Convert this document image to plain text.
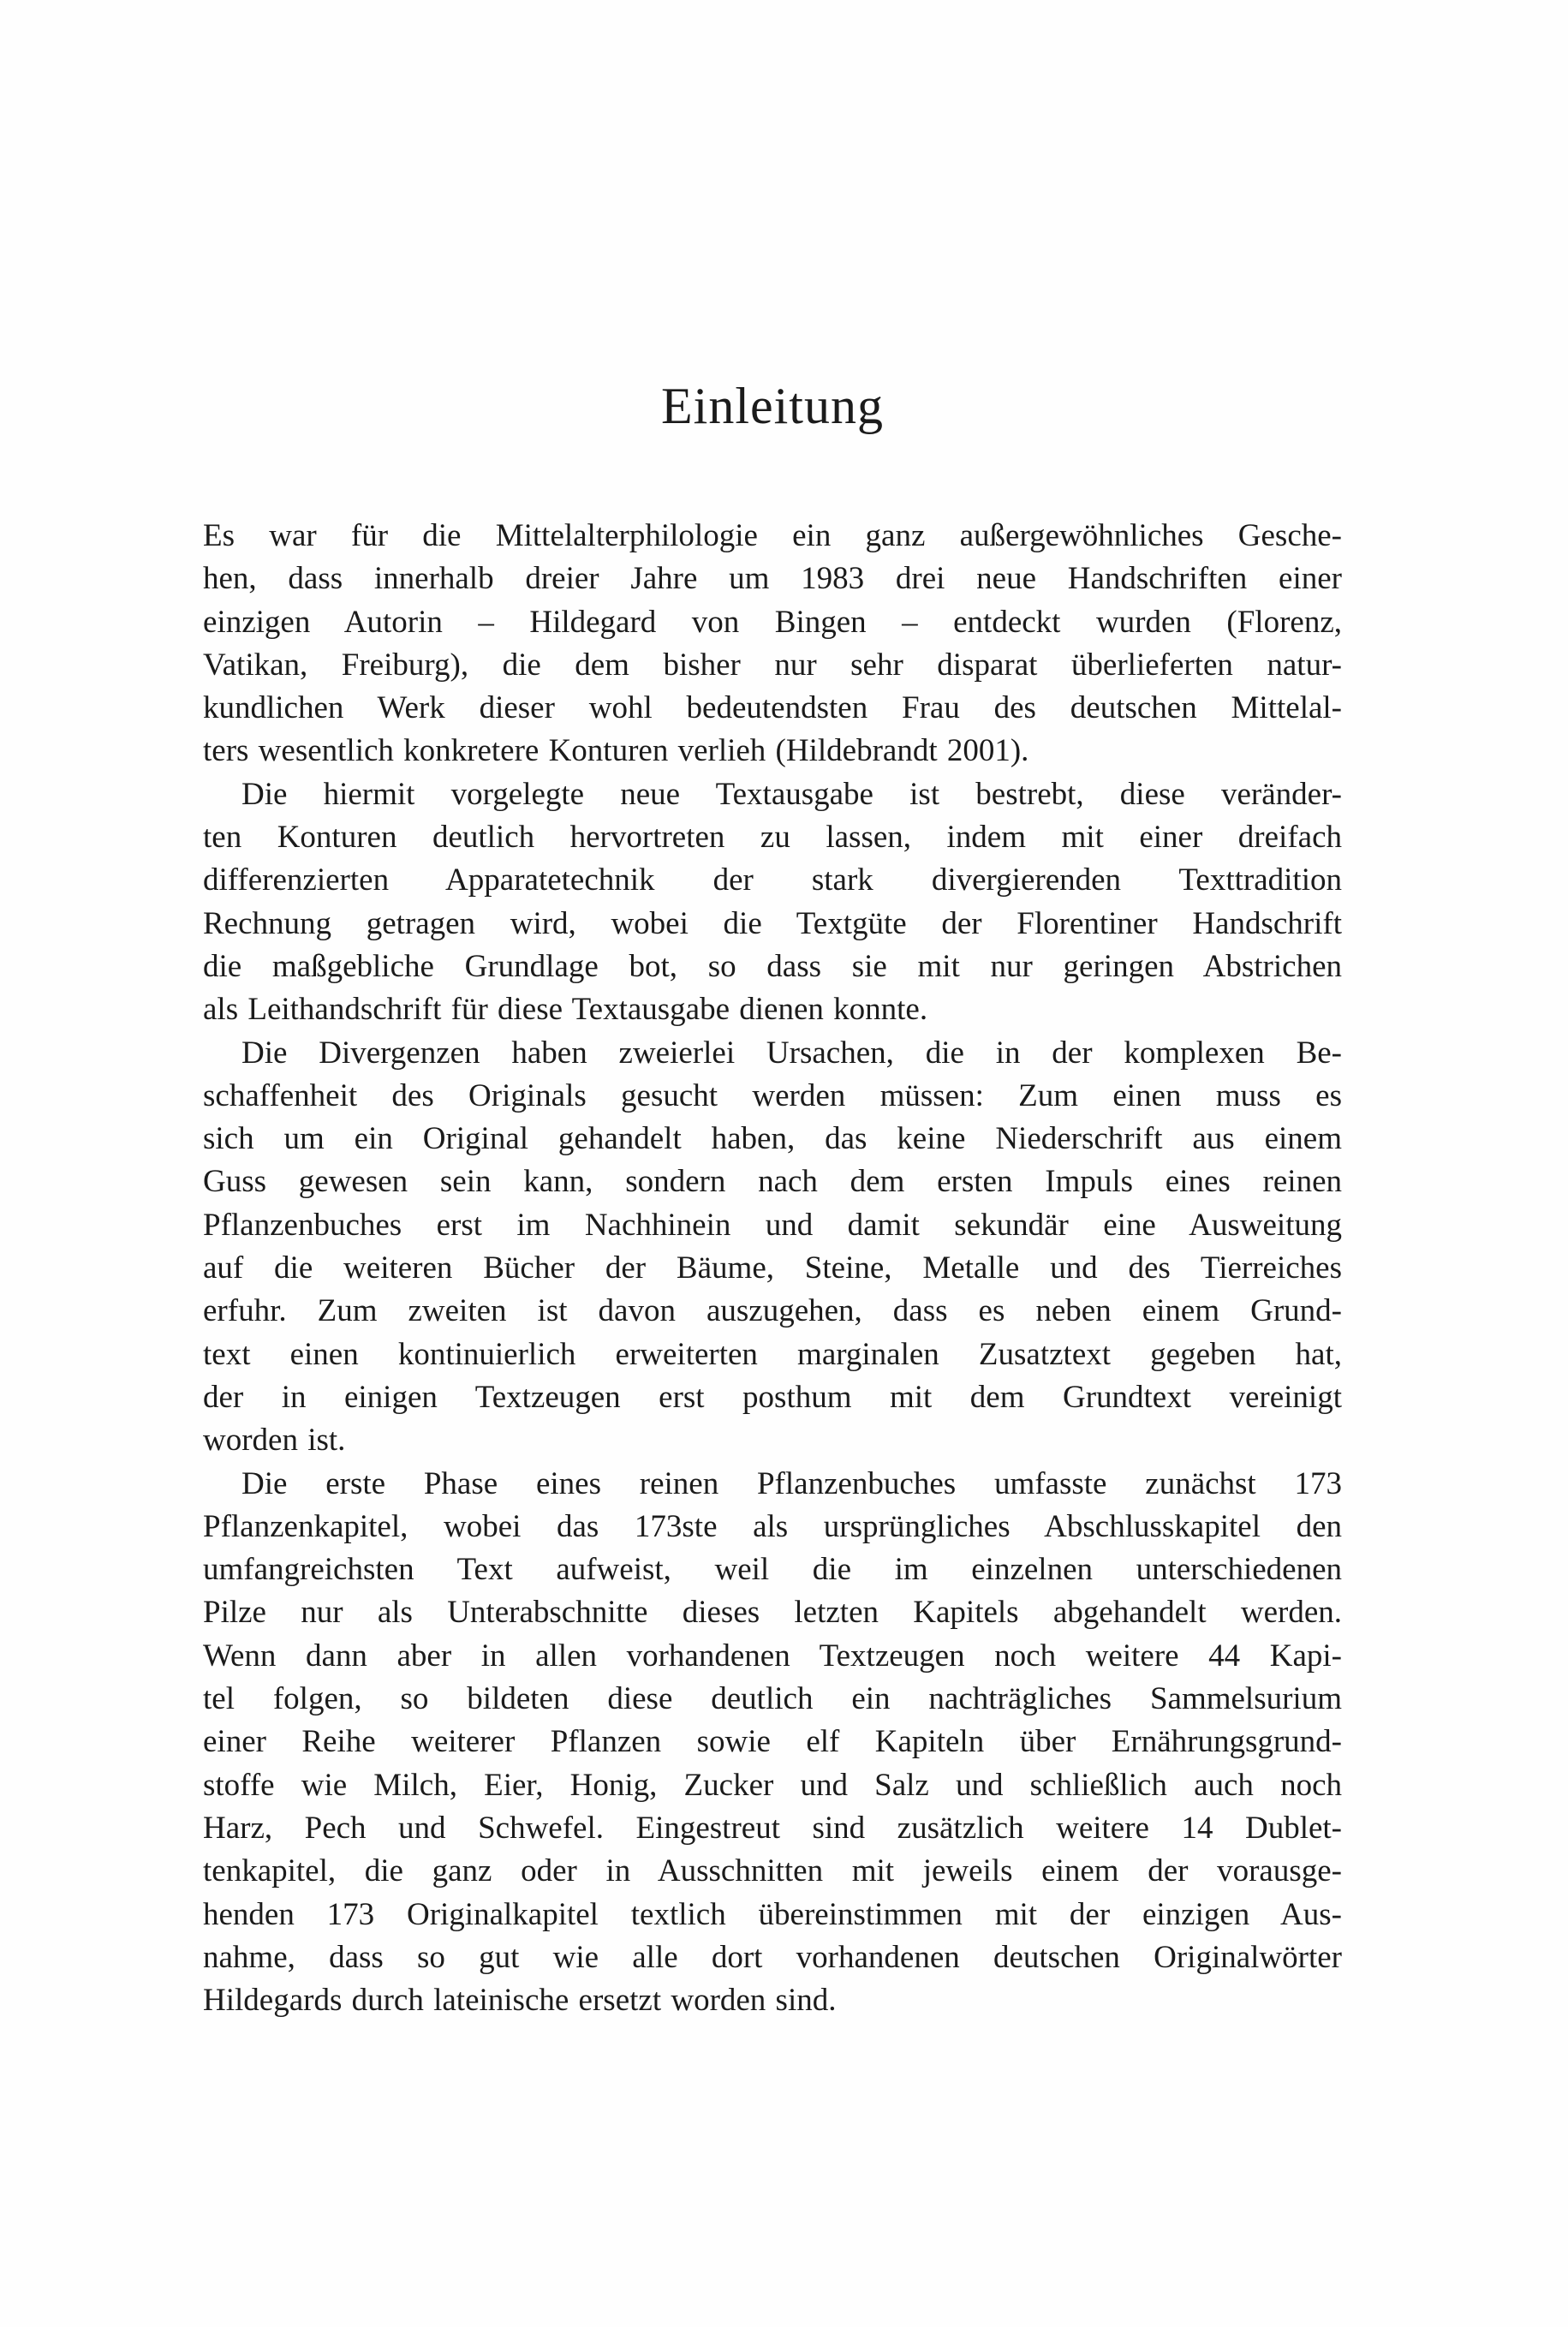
Einleitung
Es war für die Mittelalterphilologie ein ganz außergewöhnliches Gesche-
hen, dass innerhalb dreier Jahre um 1983 drei neue Handschriften einer
einzigen Autorin – Hildegard von Bingen – entdeckt wurden (Florenz,
Vatikan, Freiburg), die dem bisher nur sehr disparat überlieferten natur-
kundlichen Werk dieser wohl bedeutendsten Frau des deutschen Mittelal-
ters wesentlich konkretere Konturen verlieh (Hildebrandt 2001).
Die hiermit vorgelegte neue Textausgabe ist bestrebt, diese veränder-
ten Konturen deutlich hervortreten zu lassen, indem mit einer dreifach
differenzierten Apparatetechnik der stark divergierenden Texttradition
Rechnung getragen wird, wobei die Textgüte der Florentiner Handschrift
die maßgebliche Grundlage bot, so dass sie mit nur geringen Abstrichen
als Leithandschrift für diese Textausgabe dienen konnte.
Die Divergenzen haben zweierlei Ursachen, die in der komplexen Be-
schaffenheit des Originals gesucht werden müssen: Zum einen muss es
sich um ein Original gehandelt haben, das keine Niederschrift aus einem
Guss gewesen sein kann, sondern nach dem ersten Impuls eines reinen
Pflanzenbuches erst im Nachhinein und damit sekundär eine Ausweitung
auf die weiteren Bücher der Bäume, Steine, Metalle und des Tierreiches
erfuhr. Zum zweiten ist davon auszugehen, dass es neben einem Grund-
text einen kontinuierlich erweiterten marginalen Zusatztext gegeben hat,
der in einigen Textzeugen erst posthum mit dem Grundtext vereinigt
worden ist.
Die erste Phase eines reinen Pflanzenbuches umfasste zunächst 173
Pflanzenkapitel, wobei das 173ste als ursprüngliches Abschlusskapitel den
umfangreichsten Text aufweist, weil die im einzelnen unterschiedenen
Pilze nur als Unterabschnitte dieses letzten Kapitels abgehandelt werden.
Wenn dann aber in allen vorhandenen Textzeugen noch weitere 44 Kapi-
tel folgen, so bildeten diese deutlich ein nachträgliches Sammelsurium
einer Reihe weiterer Pflanzen sowie elf Kapiteln über Ernährungsgrund-
stoffe wie Milch, Eier, Honig, Zucker und Salz und schließlich auch noch
Harz, Pech und Schwefel. Eingestreut sind zusätzlich weitere 14 Dublet-
tenkapitel, die ganz oder in Ausschnitten mit jeweils einem der vorausge-
henden 173 Originalkapitel textlich übereinstimmen mit der einzigen Aus-
nahme, dass so gut wie alle dort vorhandenen deutschen Originalwörter
Hildegards durch lateinische ersetzt worden sind.
